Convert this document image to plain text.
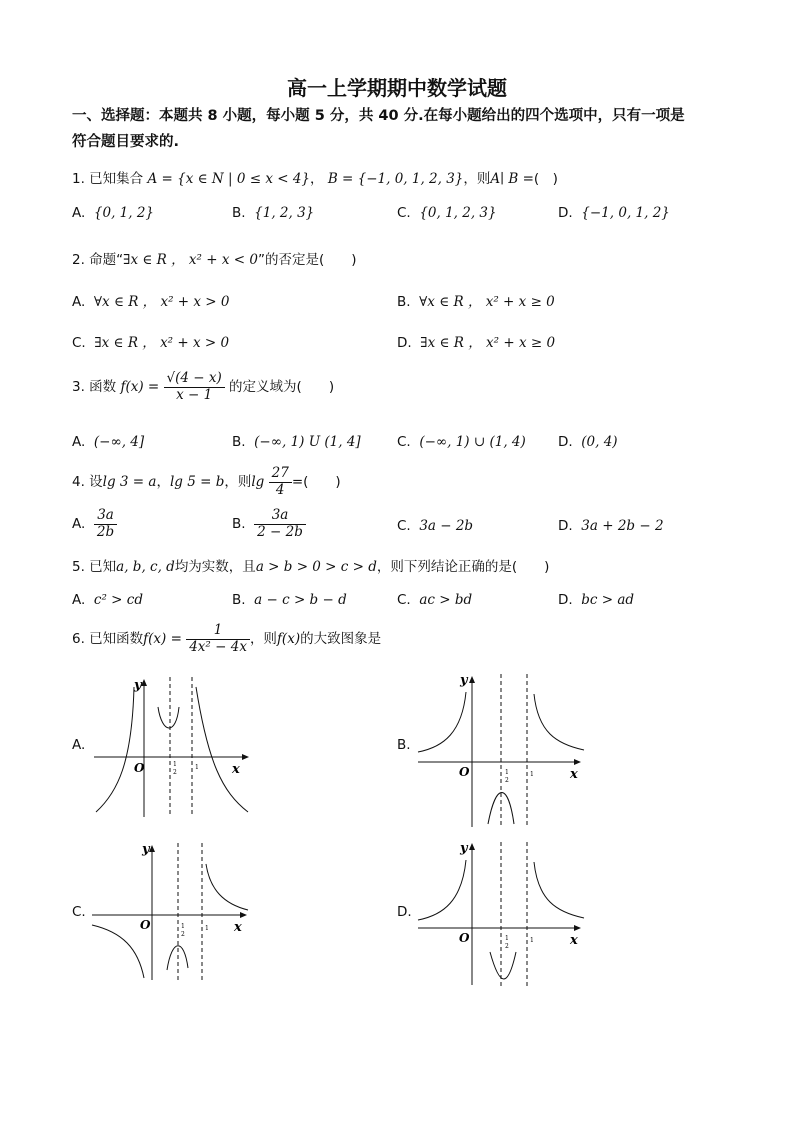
高一上学期期中数学试题
一、选择题：本题共 8 小题，每小题 5 分，共 40 分.在每小题给出的四个选项中，只有一项是
符合题目要求的.
1. 已知集合 A = {x ∈ N | 0 ≤ x < 4}， B = {−1, 0, 1, 2, 3}，则A∣ B =(　)
A. {0, 1, 2}	B. {1, 2, 3}	C. {0, 1, 2, 3}	D. {−1, 0, 1, 2}
2. 命题“∃x ∈ R ， x² + x < 0”的否定是(　　)
A. ∀x ∈ R ， x² + x > 0	B. ∀x ∈ R ， x² + x ≥ 0
C. ∃x ∈ R ， x² + x > 0	D. ∃x ∈ R ， x² + x ≥ 0
3. 函数 $f(x) = \frac{√(4 - x)}{x - 1}$ 的定义域为(　　)
A. (−∞, 4]	B. (−∞, 1) U (1, 4]	C. (−∞, 1) ∪ (1, 4) D. (0, 4)
4. 设lg 3 = a，lg 5 = b，则$\lg \frac{27}{4}$ =(　　)
A. $\frac{3a}{2b}$	B. $\frac{3a}{2 - 2b}$	C. 3a − 2b	D. 3a + 2b − 2
5. 已知a, b, c, d均为实数，且a > b > 0 > c > d，则下列结论正确的是(　　)
A. c² > cd	B. a − c > b − d	C. ac > bd	D. bc > ad
6. 已知函数$f(x) = \frac{1}{\text{4x² − 4x}}$ ，则f(x)的大致图象是
A.	B.
C.	D.
y
x
O	1
2
1
y
x
O	1
2
1
y
x
O	1
2
1
y
x
O	1
2
1
